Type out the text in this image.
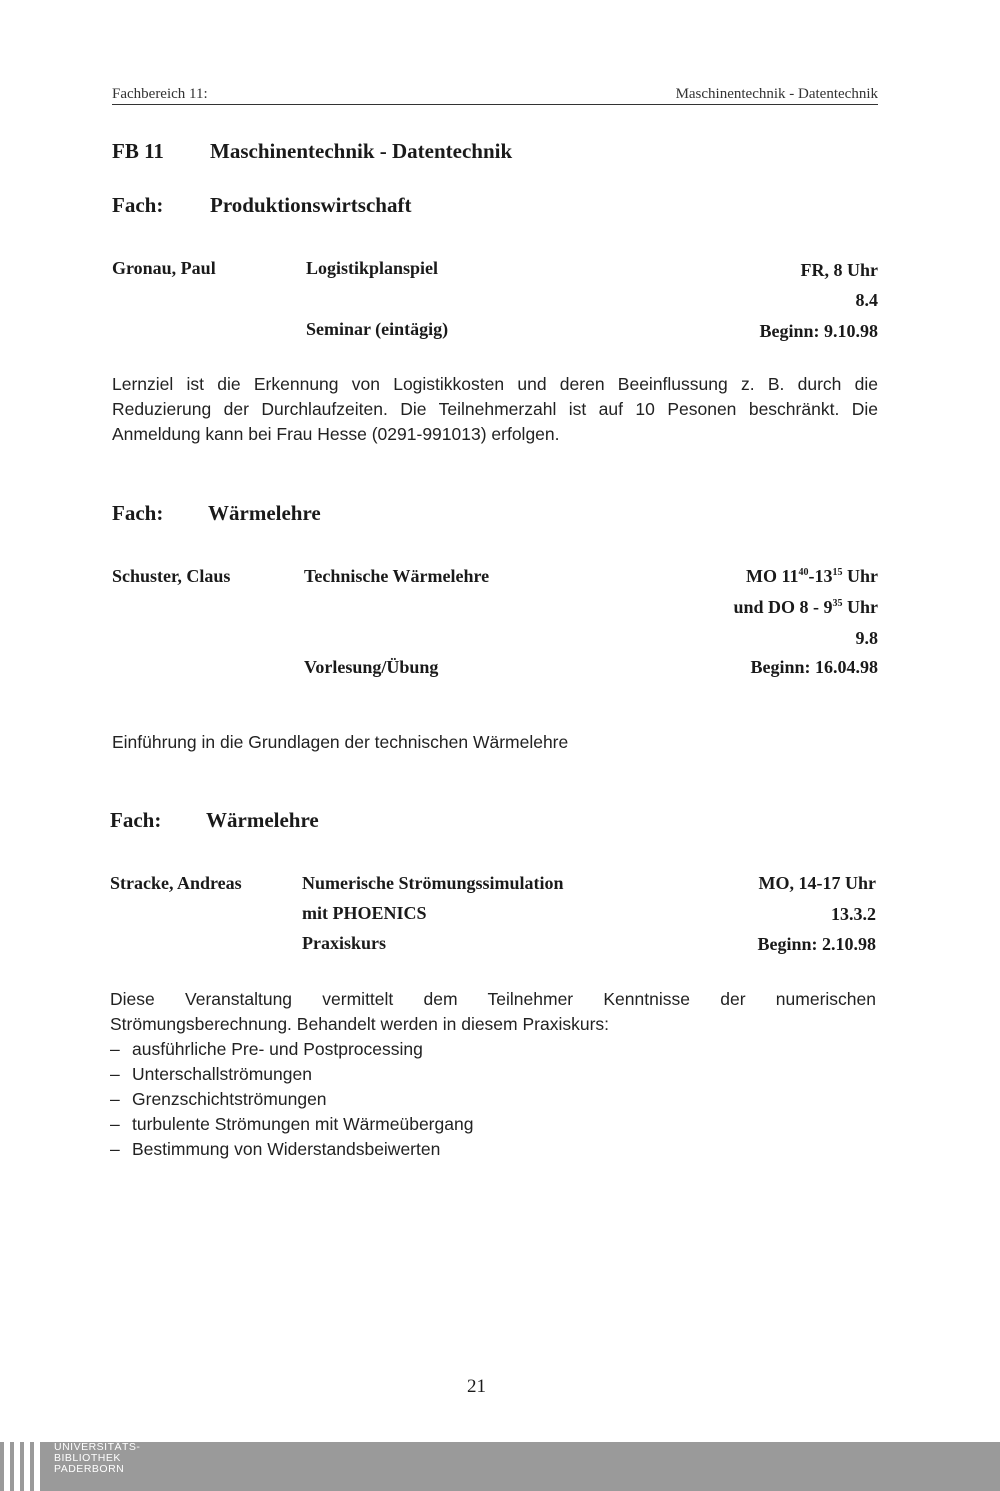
Fachbereich 11:	Maschinentechnik - Datentechnik
FB 11 Maschinentechnik - Datentechnik
Fach: Produktionswirtschaft
Gronau, Paul	Logistikplanspiel	FR, 8 Uhr
8.4
Seminar (eintägig)	Beginn: 9.10.98
Lernziel ist die Erkennung von Logistikkosten und deren Beeinflussung z. B. durch die Reduzierung der Durchlaufzeiten. Die Teilnehmerzahl ist auf 10 Pesonen beschränkt. Die Anmeldung kann bei Frau Hesse (0291-991013) erfolgen.
Fach: Wärmelehre
Schuster, Claus	Technische Wärmelehre	MO $11^{40}-13^{15}$ Uhr
und DO $8 - 9^{35}$ Uhr
9.8
Vorlesung/Übung	Beginn: 16.04.98
Einführung in die Grundlagen der technischen Wärmelehre
Fach: Wärmelehre
Stracke, Andreas	Numerische Strömungssimulation	MO, 14-17 Uhr
mit PHOENICS	13.3.2
Praxiskurs	Beginn: 2.10.98
Diese Veranstaltung vermittelt dem Teilnehmer Kenntnisse der numerischen Strömungsberechnung. Behandelt werden in diesem Praxiskurs:
– ausführliche Pre- und Postprocessing
– Unterschallströmungen
– Grenzschichtströmungen
– turbulente Strömungen mit Wärmeübergang
– Bestimmung von Widerstandsbeiwerten
21
UNIVERSITÄTS-
BIBLIOTHEK
PADERBORN
